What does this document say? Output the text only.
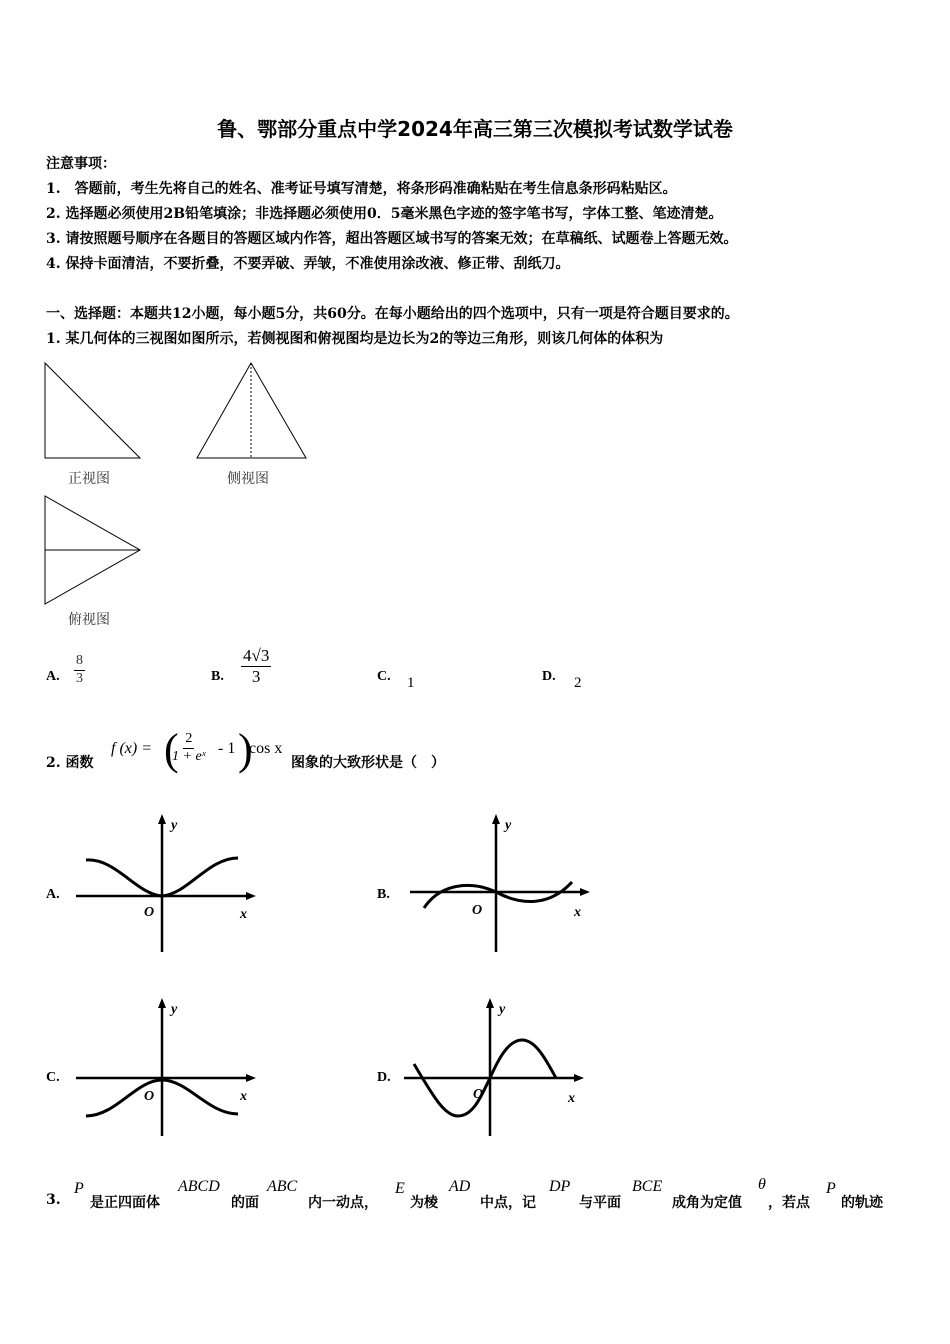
鲁、鄂部分重点中学2024年高三第三次模拟考试数学试卷
注意事项：
1.　答题前，考生先将自己的姓名、准考证号填写清楚，将条形码准确粘贴在考生信息条形码粘贴区。
2. 选择题必须使用2B铅笔填涂；非选择题必须使用0．5毫米黑色字迹的签字笔书写，字体工整、笔迹清楚。
3. 请按照题号顺序在各题目的答题区域内作答，超出答题区域书写的答案无效；在草稿纸、试题卷上答题无效。
4. 保持卡面清洁，不要折叠，不要弄破、弄皱，不准使用涂改液、修正带、刮纸刀。
一、选择题：本题共12小题，每小题5分，共60分。在每小题给出的四个选项中，只有一项是符合题目要求的。
1. 某几何体的三视图如图所示，若侧视图和俯视图均是边长为2的等边三角形，则该几何体的体积为
正视图	侧视图
俯视图
A. $\frac{8}{3}$	B. $\frac{4√3}{3}$	C. 1	D. 2
2. 函数
f (x) = (
$\frac{2}{\text{1 + eˣ}} - 1$ )
cos x
图象的大致形状是（　）
A.
y
x
O
B.
y
x
O
C.
y
x
O
D.
y
x
O
3.
P
是正四面体
ABCD
的面
ABC
内一动点，
E
为棱
AD
中点，记
DP
与平面
BCE
成角为定值
θ
，若点
P
的轨迹
